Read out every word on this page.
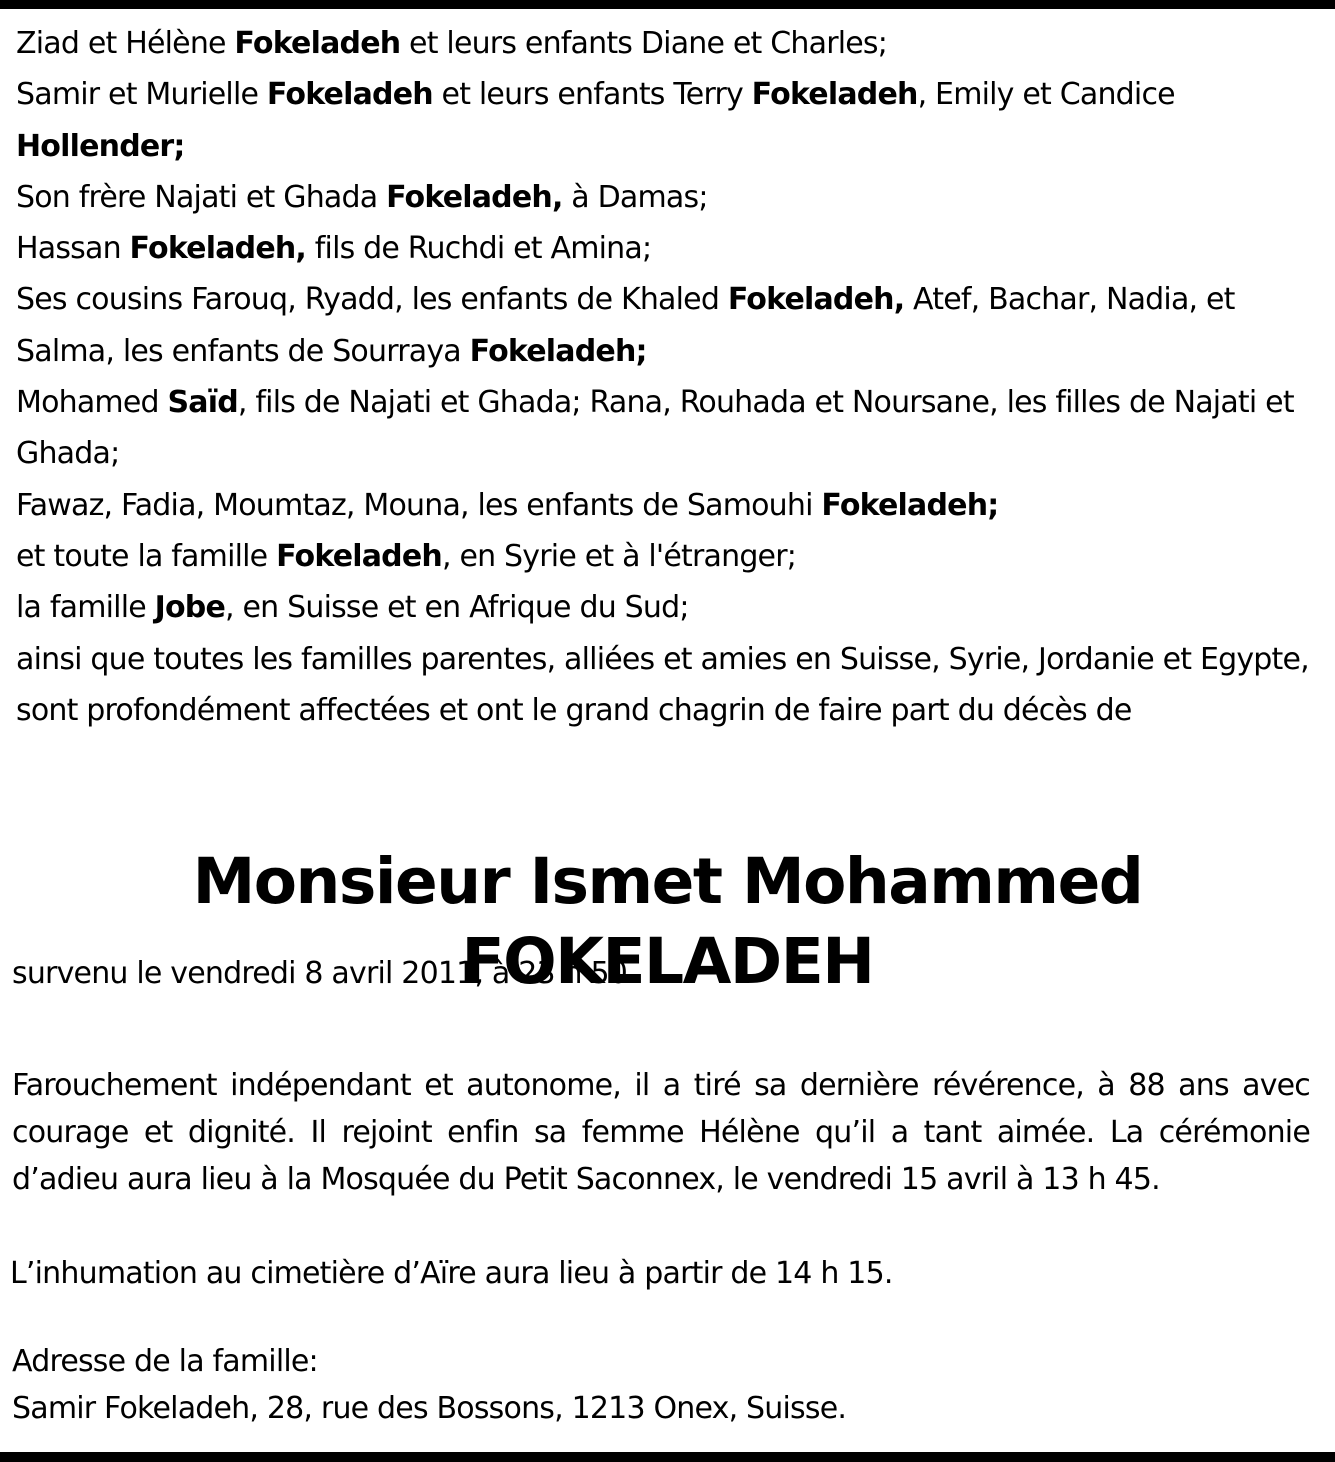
Ziad et Hélène Fokeladeh et leurs enfants Diane et Charles;

Samir et Murielle Fokeladeh et leurs enfants Terry Fokeladeh, Emily et Candice Hollender;

Son frère Najati et Ghada Fokeladeh, à Damas;

Hassan Fokeladeh, fils de Ruchdi et Amina;

Ses cousins Farouq, Ryadd, les enfants de Khaled Fokeladeh, Atef, Bachar, Nadia, et Salma, les enfants de Sourraya Fokeladeh;

Mohamed Saïd, fils de Najati et Ghada; Rana, Rouhada et Noursane, les filles de Najati et Ghada;

Fawaz, Fadia, Moumtaz, Mouna, les enfants de Samouhi Fokeladeh;

et toute la famille Fokeladeh, en Syrie et à l'étranger;

la famille Jobe, en Suisse et en Afrique du Sud;

ainsi que toutes les familles parentes, alliées et amies en Suisse, Syrie, Jordanie et Egypte,

sont profondément affectées et ont le grand chagrin de faire part du décès de

Monsieur Ismet Mohammed FOKELADEH
survenu le vendredi 8 avril 2011, à 23 h 50.

Farouchement indépendant et autonome, il a tiré sa dernière révérence, à 88 ans avec courage et dignité. Il rejoint enfin sa femme Hélène qu’il a tant aimée. La cérémonie d’adieu aura lieu à la Mosquée du Petit Saconnex, le vendredi 15 avril à 13 h 45.

L’inhumation au cimetière d’Aïre aura lieu à partir de 14 h 15.

Adresse de la famille:

Samir Fokeladeh, 28, rue des Bossons, 1213 Onex, Suisse.
